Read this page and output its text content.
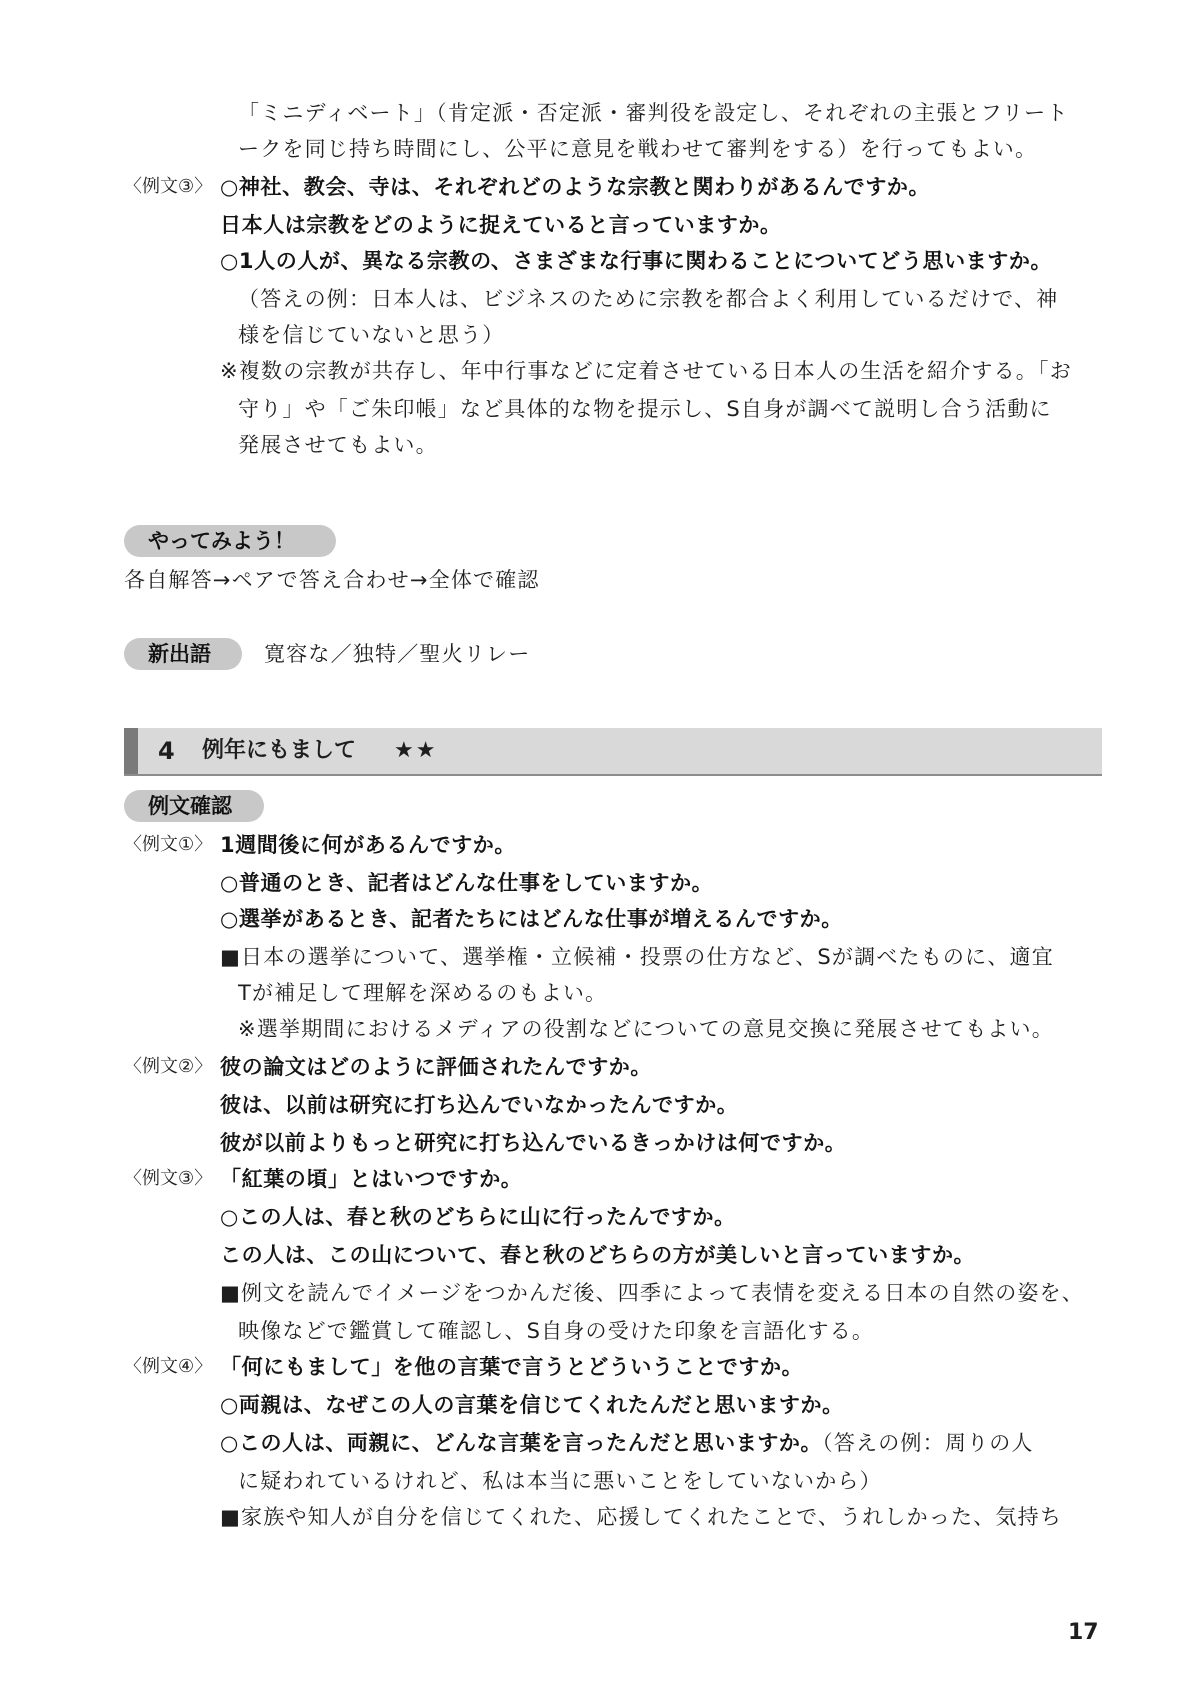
「ミニディベート」（肯定派・否定派・審判役を設定し、それぞれの主張とフリート
ークを同じ持ち時間にし、公平に意見を戦わせて審判をする）を行ってもよい。
〈例文③〉 ○神社、教会、寺は、それぞれどのような宗教と関わりがあるんですか。
日本人は宗教をどのように捉えていると言っていますか。
○1人の人が、異なる宗教の、さまざまな行事に関わることについてどう思いますか。
（答えの例：日本人は、ビジネスのために宗教を都合よく利用しているだけで、神
様を信じていないと思う）
※複数の宗教が共存し、年中行事などに定着させている日本人の生活を紹介する。「お
守り」や「ご朱印帳」など具体的な物を提示し、S自身が調べて説明し合う活動に
発展させてもよい。
やってみよう！
各自解答→ペアで答え合わせ→全体で確認
新出語	寛容な／独特／聖火リレー
4 例年にもまして ★★
例文確認
〈例文①〉 1週間後に何があるんですか。
○普通のとき、記者はどんな仕事をしていますか。
○選挙があるとき、記者たちにはどんな仕事が増えるんですか。
■日本の選挙について、選挙権・立候補・投票の仕方など、Sが調べたものに、適宜
Tが補足して理解を深めるのもよい。
※選挙期間におけるメディアの役割などについての意見交換に発展させてもよい。
〈例文②〉 彼の論文はどのように評価されたんですか。
彼は、以前は研究に打ち込んでいなかったんですか。
彼が以前よりもっと研究に打ち込んでいるきっかけは何ですか。
〈例文③〉 「紅葉の頃」とはいつですか。
○この人は、春と秋のどちらに山に行ったんですか。
この人は、この山について、春と秋のどちらの方が美しいと言っていますか。
■例文を読んでイメージをつかんだ後、四季によって表情を変える日本の自然の姿を、
映像などで鑑賞して確認し、S自身の受けた印象を言語化する。
〈例文④〉 「何にもまして」を他の言葉で言うとどういうことですか。
○両親は、なぜこの人の言葉を信じてくれたんだと思いますか。
○この人は、両親に、どんな言葉を言ったんだと思いますか。（答えの例：周りの人
に疑われているけれど、私は本当に悪いことをしていないから）
■家族や知人が自分を信じてくれた、応援してくれたことで、うれしかった、気持ち
17
